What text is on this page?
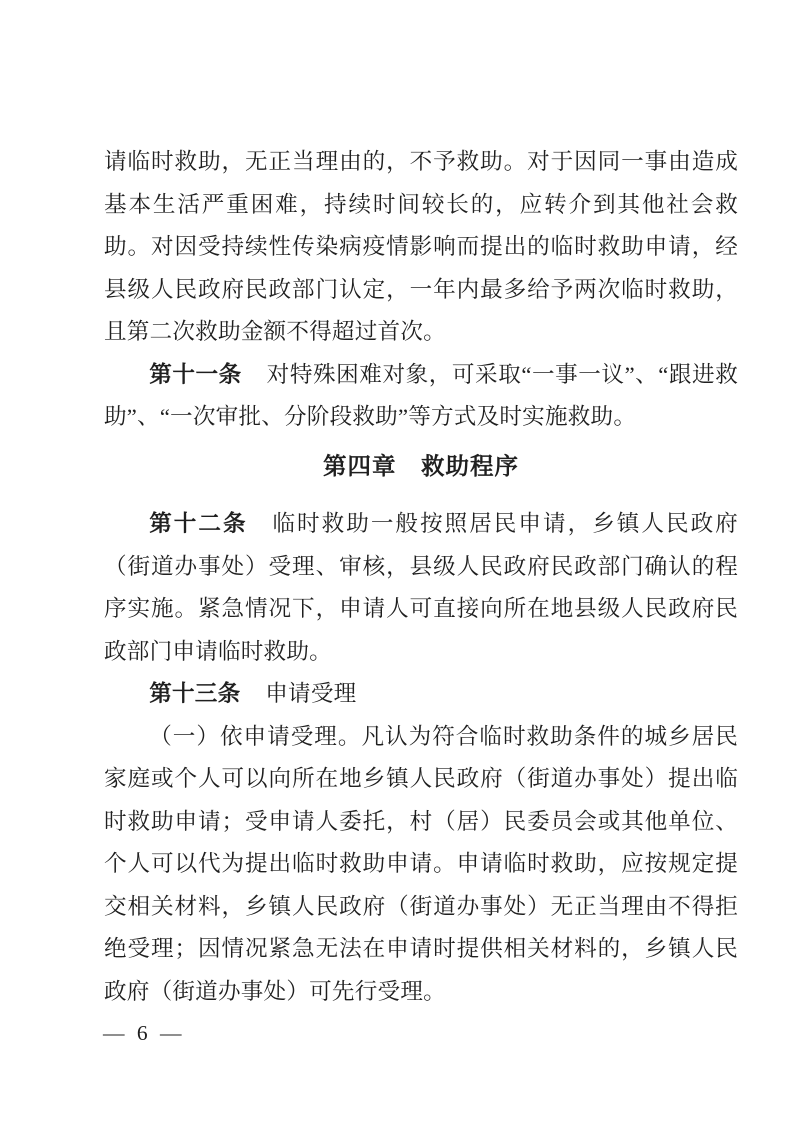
请临时救助，无正当理由的，不予救助。对于因同一事由造成基本生活严重困难，持续时间较长的，应转介到其他社会救助。对因受持续性传染病疫情影响而提出的临时救助申请，经县级人民政府民政部门认定，一年内最多给予两次临时救助，且第二次救助金额不得超过首次。

第十一条 对特殊困难对象，可采取“一事一议”、“跟进救助”、“一次审批、分阶段救助”等方式及时实施救助。

第四章　救助程序

第十二条 临时救助一般按照居民申请，乡镇人民政府（街道办事处）受理、审核，县级人民政府民政部门确认的程序实施。紧急情况下，申请人可直接向所在地县级人民政府民政部门申请临时救助。

第十三条 申请受理

（一）依申请受理。凡认为符合临时救助条件的城乡居民家庭或个人可以向所在地乡镇人民政府（街道办事处）提出临时救助申请；受申请人委托，村（居）民委员会或其他单位、个人可以代为提出临时救助申请。申请临时救助，应按规定提交相关材料，乡镇人民政府（街道办事处）无正当理由不得拒绝受理；因情况紧急无法在申请时提供相关材料的，乡镇人民政府（街道办事处）可先行受理。

— 6 —
